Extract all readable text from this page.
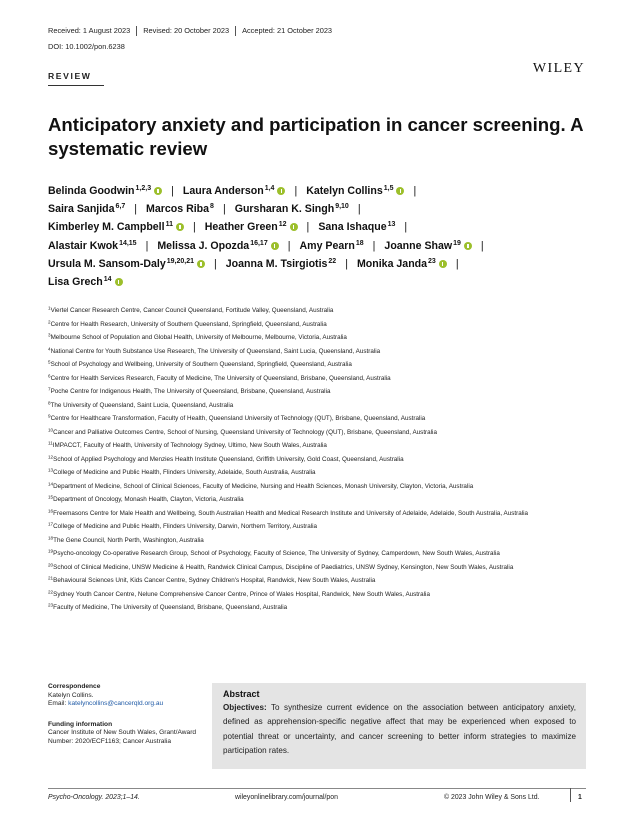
Received: 1 August 2023	Revised: 20 October 2023	Accepted: 21 October 2023
DOI: 10.1002/pon.6238
REVIEW	WILEY
Anticipatory anxiety and participation in cancer screening. A systematic review
Belinda Goodwin$^{1,2,3}$ | Laura Anderson$^{1,4}$ | Katelyn Collins$^{1,5}$ |
Saira Sanjida$^{6,7}$ | Marcos Riba$^8$ | Gursharan K. Singh$^{9,10}$ |
Kimberley M. Campbell$^{11}$ | Heather Green$^{12}$ | Sana Ishaque$^{13}$ |
Alastair Kwok$^{14,15}$ | Melissa J. Opozda$^{16,17}$ | Amy Pearn$^{18}$ | Joanne Shaw$^{19}$ |
Ursula M. Sansom-Daly$^{19,20,21}$ | Joanna M. Tsirgiotis$^{22}$ | Monika Janda$^{23}$ |
Lisa Grech$^{14}$
$^1$Viertel Cancer Research Centre, Cancer Council Queensland, Fortitude Valley, Queensland, Australia
$^2$Centre for Health Research, University of Southern Queensland, Springfield, Queensland, Australia
$^3$Melbourne School of Population and Global Health, University of Melbourne, Melbourne, Victoria, Australia
$^4$National Centre for Youth Substance Use Research, The University of Queensland, Saint Lucia, Queensland, Australia
$^5$School of Psychology and Wellbeing, University of Southern Queensland, Springfield, Queensland, Australia
$^6$Centre for Health Services Research, Faculty of Medicine, The University of Queensland, Brisbane, Queensland, Australia
$^7$Poche Centre for Indigenous Health, The University of Queensland, Brisbane, Queensland, Australia
$^8$The University of Queensland, Saint Lucia, Queensland, Australia
$^9$Centre for Healthcare Transformation, Faculty of Health, Queensland University of Technology (QUT), Brisbane, Queensland, Australia
$^{10}$Cancer and Palliative Outcomes Centre, School of Nursing, Queensland University of Technology (QUT), Brisbane, Queensland, Australia
$^{11}$IMPACCT, Faculty of Health, University of Technology Sydney, Ultimo, New South Wales, Australia
$^{12}$School of Applied Psychology and Menzies Health Institute Queensland, Griffith University, Gold Coast, Queensland, Australia
$^{13}$College of Medicine and Public Health, Flinders University, Adelaide, South Australia, Australia
$^{14}$Department of Medicine, School of Clinical Sciences, Faculty of Medicine, Nursing and Health Sciences, Monash University, Clayton, Victoria, Australia
$^{15}$Department of Oncology, Monash Health, Clayton, Victoria, Australia
$^{16}$Freemasons Centre for Male Health and Wellbeing, South Australian Health and Medical Research Institute and University of Adelaide, Adelaide, South Australia, Australia
$^{17}$College of Medicine and Public Health, Flinders University, Darwin, Northern Territory, Australia
$^{18}$The Gene Council, North Perth, Washington, Australia
$^{19}$Psycho-oncology Co-operative Research Group, School of Psychology, Faculty of Science, The University of Sydney, Camperdown, New South Wales, Australia
$^{20}$School of Clinical Medicine, UNSW Medicine & Health, Randwick Clinical Campus, Discipline of Paediatrics, UNSW Sydney, Kensington, New South Wales, Australia
$^{21}$Behavioural Sciences Unit, Kids Cancer Centre, Sydney Children's Hospital, Randwick, New South Wales, Australia
$^{22}$Sydney Youth Cancer Centre, Nelune Comprehensive Cancer Centre, Prince of Wales Hospital, Randwick, New South Wales, Australia
$^{23}$Faculty of Medicine, The University of Queensland, Brisbane, Queensland, Australia
Correspondence
Katelyn Collins.
Email: katelyncollins@cancerqld.org.au
Funding information
Cancer Institute of New South Wales, Grant/Award Number: 2020/ECF1163; Cancer Australia
Abstract
Objectives: To synthesize current evidence on the association between anticipatory anxiety, defined as apprehension-specific negative affect that may be experienced when exposed to potential threat or uncertainty, and cancer screening to better inform strategies to maximize participation rates.
Psycho-Oncology. 2023;1–14.	wileyonlinelibrary.com/journal/pon	© 2023 John Wiley & Sons Ltd.	1
